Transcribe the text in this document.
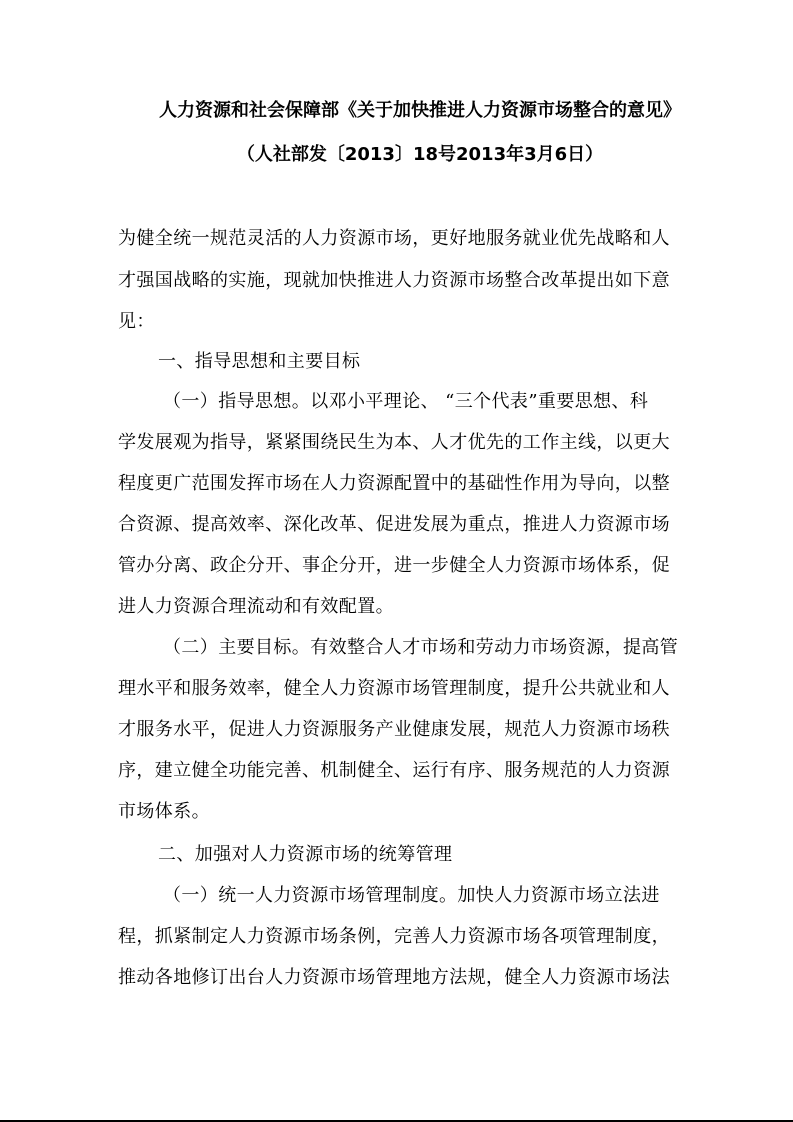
人力资源和社会保障部《关于加快推进人力资源市场整合的意见》
（人社部发〔2013〕18号2013年3月6日）
为健全统一规范灵活的人力资源市场，更好地服务就业优先战略和人
才强国战略的实施，现就加快推进人力资源市场整合改革提出如下意
见：
一、指导思想和主要目标
（一）指导思想。以邓小平理论、 “三个代表”重要思想、科
学发展观为指导，紧紧围绕民生为本、人才优先的工作主线，以更大
程度更广范围发挥市场在人力资源配置中的基础性作用为导向，以整
合资源、提高效率、深化改革、促进发展为重点，推进人力资源市场
管办分离、政企分开、事企分开，进一步健全人力资源市场体系，促
进人力资源合理流动和有效配置。
（二）主要目标。有效整合人才市场和劳动力市场资源，提高管
理水平和服务效率，健全人力资源市场管理制度，提升公共就业和人
才服务水平，促进人力资源服务产业健康发展，规范人力资源市场秩
序，建立健全功能完善、机制健全、运行有序、服务规范的人力资源
市场体系。
二、加强对人力资源市场的统筹管理
（一）统一人力资源市场管理制度。加快人力资源市场立法进
程，抓紧制定人力资源市场条例，完善人力资源市场各项管理制度，
推动各地修订出台人力资源市场管理地方法规，健全人力资源市场法
